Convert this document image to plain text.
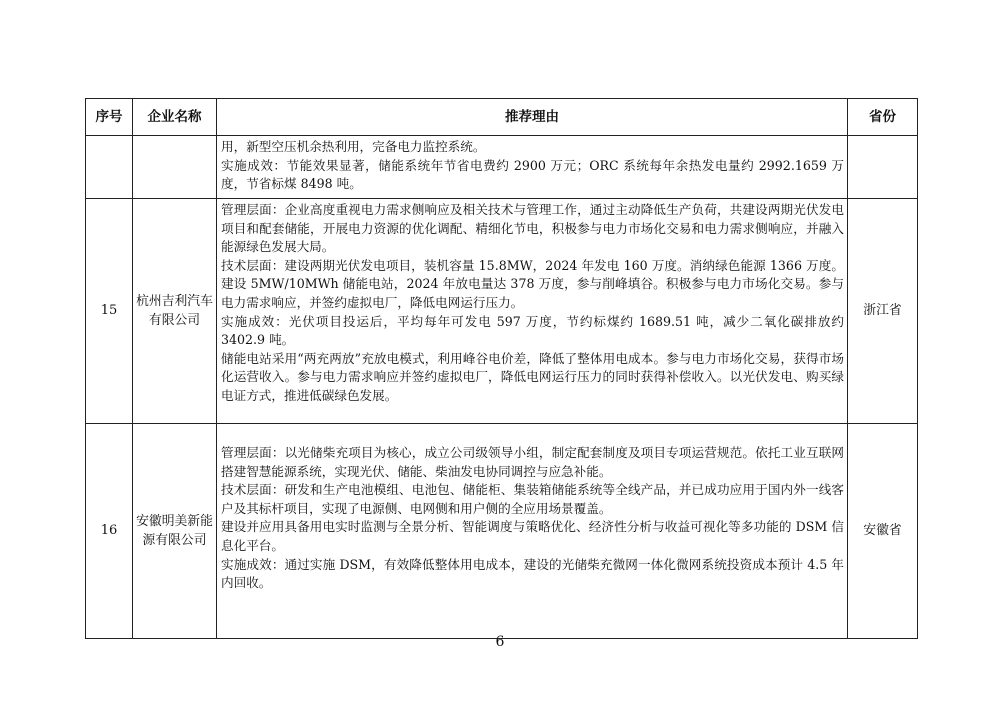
序号	企业名称	推荐理由	省份

		用，新型空压机余热利用，完备电力监控系统。
实施成效：节能效果显著，储能系统年节省电费约 2900 万元；ORC 系统每年余热发电量约 2992.1659 万度，节省标煤 8498 吨。	

15	杭州吉利汽车有限公司	管理层面：企业高度重视电力需求侧响应及相关技术与管理工作，通过主动降低生产负荷，共建设两期光伏发电项目和配套储能，开展电力资源的优化调配、精细化节电，积极参与电力市场化交易和电力需求侧响应，并融入能源绿色发展大局。
技术层面：建设两期光伏发电项目，装机容量 15.8MW，2024 年发电 160 万度。消纳绿色能源 1366 万度。建设 5MW/10MWh 储能电站，2024 年放电量达 378 万度，参与削峰填谷。积极参与电力市场化交易。参与电力需求响应，并签约虚拟电厂，降低电网运行压力。
实施成效：光伏项目投运后，平均每年可发电 597 万度，节约标煤约 1689.51 吨，减少二氧化碳排放约 3402.9 吨。
储能电站采用“两充两放”充放电模式，利用峰谷电价差，降低了整体用电成本。参与电力市场化交易，获得市场化运营收入。参与电力需求响应并签约虚拟电厂，降低电网运行压力的同时获得补偿收入。以光伏发电、购买绿电证方式，推进低碳绿色发展。	浙江省
16	安徽明美新能源有限公司	管理层面：以光储柴充项目为核心，成立公司级领导小组，制定配套制度及项目专项运营规范。依托工业互联网搭建智慧能源系统，实现光伏、储能、柴油发电协同调控与应急补能。
技术层面：研发和生产电池模组、电池包、储能柜、集装箱储能系统等全线产品，并已成功应用于国内外一线客户及其标杆项目，实现了电源侧、电网侧和用户侧的全应用场景覆盖。
建设并应用具备用电实时监测与全景分析、智能调度与策略优化、经济性分析与收益可视化等多功能的 DSM 信息化平台。
实施成效：通过实施 DSM，有效降低整体用电成本，建设的光储柴充微网一体化微网系统投资成本预计 4.5 年内回收。	安徽省
6
